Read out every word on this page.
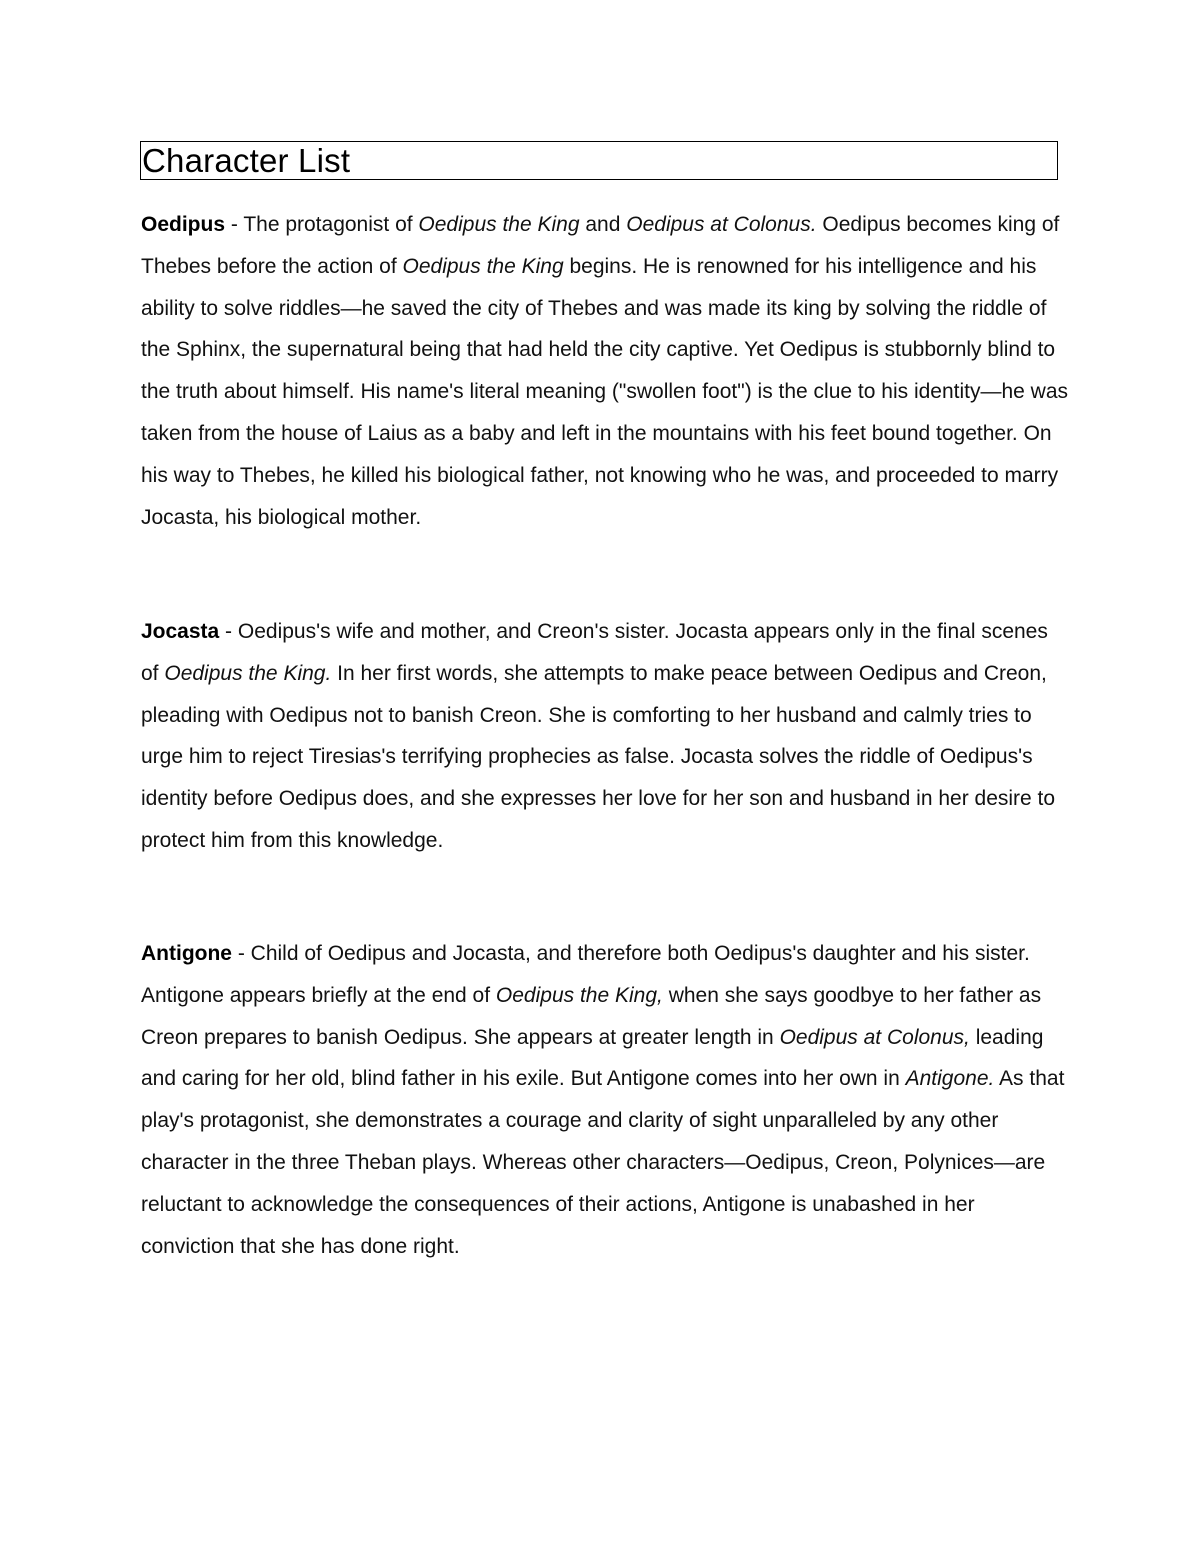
Character List

Oedipus - The protagonist of Oedipus the King and Oedipus at Colonus. Oedipus becomes king of Thebes before the action of Oedipus the King begins. He is renowned for his intelligence and his ability to solve riddles—he saved the city of Thebes and was made its king by solving the riddle of the Sphinx, the supernatural being that had held the city captive. Yet Oedipus is stubbornly blind to the truth about himself. His name's literal meaning ("swollen foot") is the clue to his identity—he was taken from the house of Laius as a baby and left in the mountains with his feet bound together. On his way to Thebes, he killed his biological father, not knowing who he was, and proceeded to marry Jocasta, his biological mother.

Jocasta - Oedipus's wife and mother, and Creon's sister. Jocasta appears only in the final scenes of Oedipus the King. In her first words, she attempts to make peace between Oedipus and Creon, pleading with Oedipus not to banish Creon. She is comforting to her husband and calmly tries to urge him to reject Tiresias's terrifying prophecies as false. Jocasta solves the riddle of Oedipus's identity before Oedipus does, and she expresses her love for her son and husband in her desire to protect him from this knowledge.

Antigone - Child of Oedipus and Jocasta, and therefore both Oedipus's daughter and his sister. Antigone appears briefly at the end of Oedipus the King, when she says goodbye to her father as Creon prepares to banish Oedipus. She appears at greater length in Oedipus at Colonus, leading and caring for her old, blind father in his exile. But Antigone comes into her own in Antigone. As that play's protagonist, she demonstrates a courage and clarity of sight unparalleled by any other character in the three Theban plays. Whereas other characters—Oedipus, Creon, Polynices—are reluctant to acknowledge the consequences of their actions, Antigone is unabashed in her conviction that she has done right.
